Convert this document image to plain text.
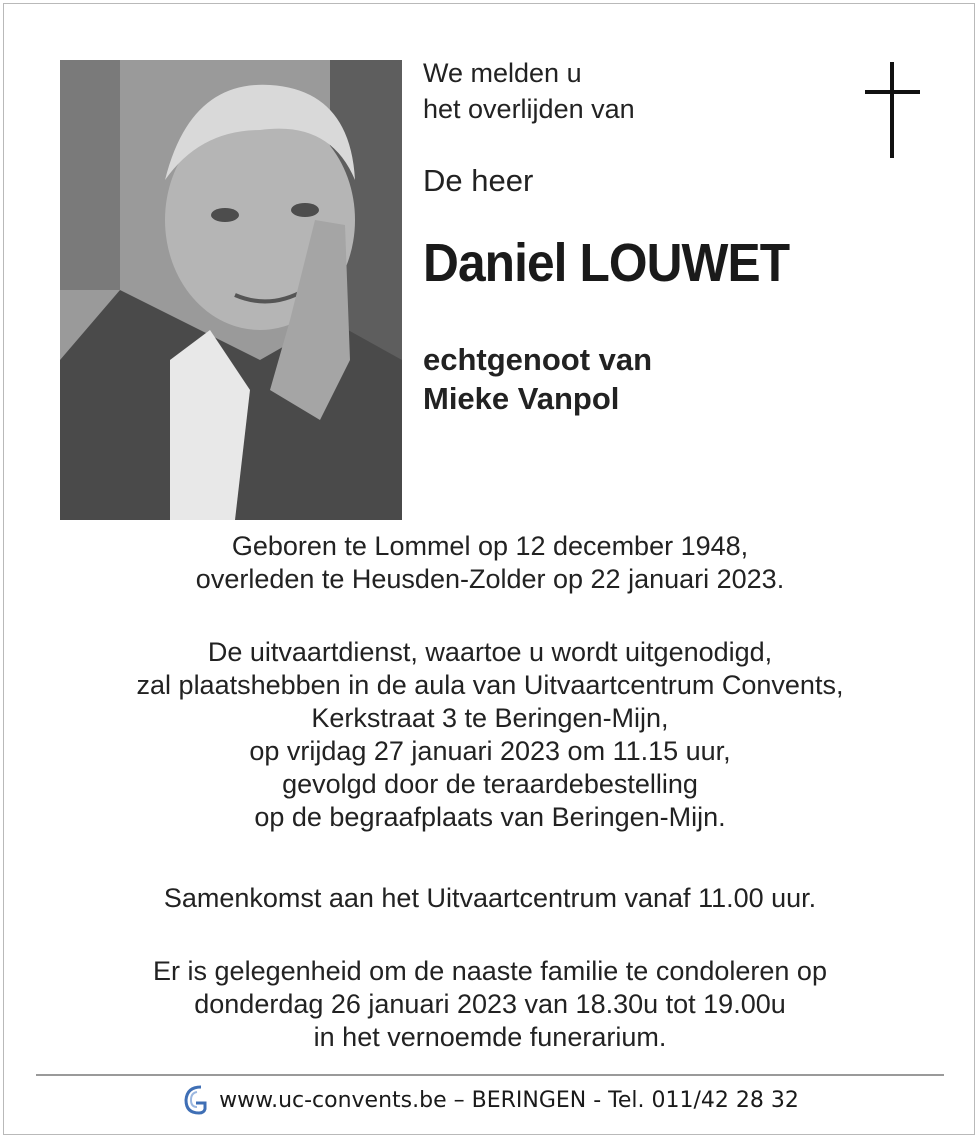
We melden u
het overlijden van
De heer
Daniel LOUWET
echtgenoot van
Mieke Vanpol
Geboren te Lommel op 12 december 1948,
overleden te Heusden-Zolder op 22 januari 2023.
De uitvaartdienst, waartoe u wordt uitgenodigd,
zal plaatshebben in de aula van Uitvaartcentrum Convents,
Kerkstraat 3 te Beringen-Mijn,
op vrijdag 27 januari 2023 om 11.15 uur,
gevolgd door de teraardebestelling
op de begraafplaats van Beringen-Mijn.
Samenkomst aan het Uitvaartcentrum vanaf 11.00 uur.
Er is gelegenheid om de naaste familie te condoleren op
donderdag 26 januari 2023 van 18.30u tot 19.00u
in het vernoemde funerarium.
www.uc-convents.be – BERINGEN - Tel. 011/42 28 32
